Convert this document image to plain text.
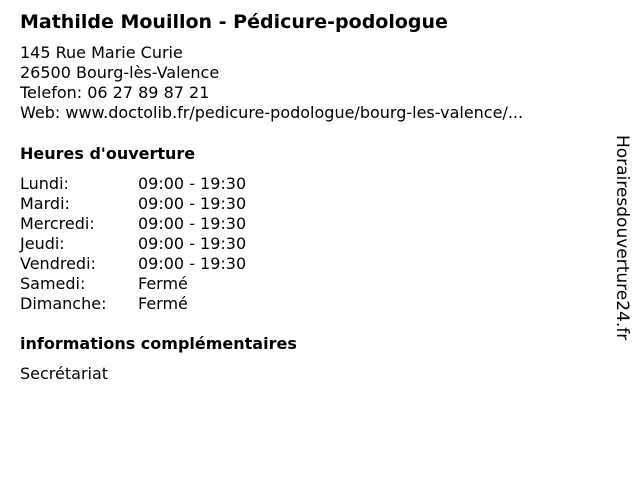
Mathilde Mouillon - Pédicure-podologue
145 Rue Marie Curie
26500 Bourg-lès-Valence
Telefon: 06 27 89 87 21
Web: www.doctolib.fr/pedicure-podologue/bourg-les-valence/...
Heures d'ouverture
Lundi:	09:00 - 19:30
Mardi:	09:00 - 19:30
Mercredi:	09:00 - 19:30
Jeudi:	09:00 - 19:30
Vendredi:	09:00 - 19:30
Samedi:	Fermé
Dimanche: Fermé
informations complémentaires
Secrétariat
Horairesdouverture24.fr
